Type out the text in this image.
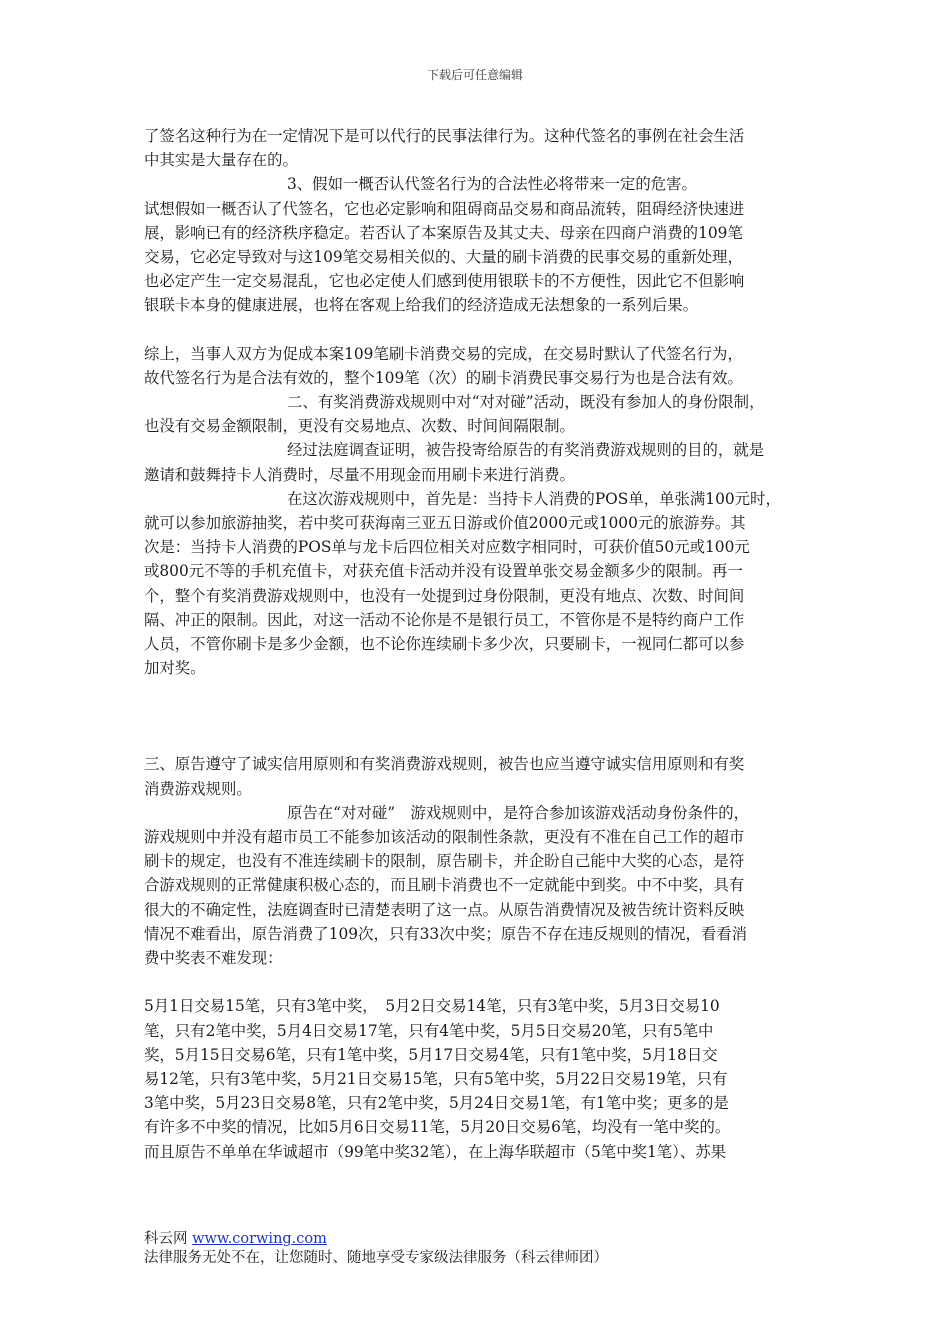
下载后可任意编辑
了签名这种行为在一定情况下是可以代行的民事法律行为。这种代签名的事例在社会生活
中其实是大量存在的。
3、假如一概否认代签名行为的合法性必将带来一定的危害。
试想假如一概否认了代签名，它也必定影响和阻碍商品交易和商品流转，阻碍经济快速进
展，影响已有的经济秩序稳定。若否认了本案原告及其丈夫、母亲在四商户消费的109笔
交易，它必定导致对与这109笔交易相关似的、大量的刷卡消费的民事交易的重新处理，
也必定产生一定交易混乱，它也必定使人们感到使用银联卡的不方便性，因此它不但影响
银联卡本身的健康进展，也将在客观上给我们的经济造成无法想象的一系列后果。
综上，当事人双方为促成本案109笔刷卡消费交易的完成，在交易时默认了代签名行为，
故代签名行为是合法有效的，整个109笔（次）的刷卡消费民事交易行为也是合法有效。
二、有奖消费游戏规则中对“对对碰”活动，既没有参加人的身份限制，
也没有交易金额限制，更没有交易地点、次数、时间间隔限制。
经过法庭调查证明，被告投寄给原告的有奖消费游戏规则的目的，就是
邀请和鼓舞持卡人消费时，尽量不用现金而用刷卡来进行消费。
在这次游戏规则中，首先是：当持卡人消费的POS单，单张满100元时，
就可以参加旅游抽奖，若中奖可获海南三亚五日游或价值2000元或1000元的旅游券。其
次是：当持卡人消费的POS单与龙卡后四位相关对应数字相同时，可获价值50元或100元
或800元不等的手机充值卡，对获充值卡活动并没有设置单张交易金额多少的限制。再一
个，整个有奖消费游戏规则中，也没有一处提到过身份限制，更没有地点、次数、时间间
隔、冲正的限制。因此，对这一活动不论你是不是银行员工，不管你是不是特约商户工作
人员，不管你刷卡是多少金额，也不论你连续刷卡多少次，只要刷卡，一视同仁都可以参
加对奖。
三、原告遵守了诚实信用原则和有奖消费游戏规则，被告也应当遵守诚实信用原则和有奖
消费游戏规则。
原告在“对对碰”　游戏规则中，是符合参加该游戏活动身份条件的，
游戏规则中并没有超市员工不能参加该活动的限制性条款，更没有不准在自己工作的超市
刷卡的规定，也没有不准连续刷卡的限制，原告刷卡，并企盼自己能中大奖的心态，是符
合游戏规则的正常健康积极心态的，而且刷卡消费也不一定就能中到奖。中不中奖，具有
很大的不确定性，法庭调查时已清楚表明了这一点。从原告消费情况及被告统计资料反映
情况不难看出，原告消费了109次，只有33次中奖；原告不存在违反规则的情况，看看消
费中奖表不难发现：
5月1日交易15笔，只有3笔中奖，　5月2日交易14笔，只有3笔中奖，5月3日交易10
笔，只有2笔中奖，5月4日交易17笔，只有4笔中奖，5月5日交易20笔，只有5笔中
奖，5月15日交易6笔，只有1笔中奖，5月17日交易4笔，只有1笔中奖，5月18日交
易12笔，只有3笔中奖，5月21日交易15笔，只有5笔中奖，5月22日交易19笔，只有
3笔中奖，5月23日交易8笔，只有2笔中奖，5月24日交易1笔，有1笔中奖；更多的是
有许多不中奖的情况，比如5月6日交易11笔，5月20日交易6笔，均没有一笔中奖的。
而且原告不单单在华诚超市（99笔中奖32笔），在上海华联超市（5笔中奖1笔）、苏果
科云网 www.corwing.com
法律服务无处不在，让您随时、随地享受专家级法律服务（科云律师团）
